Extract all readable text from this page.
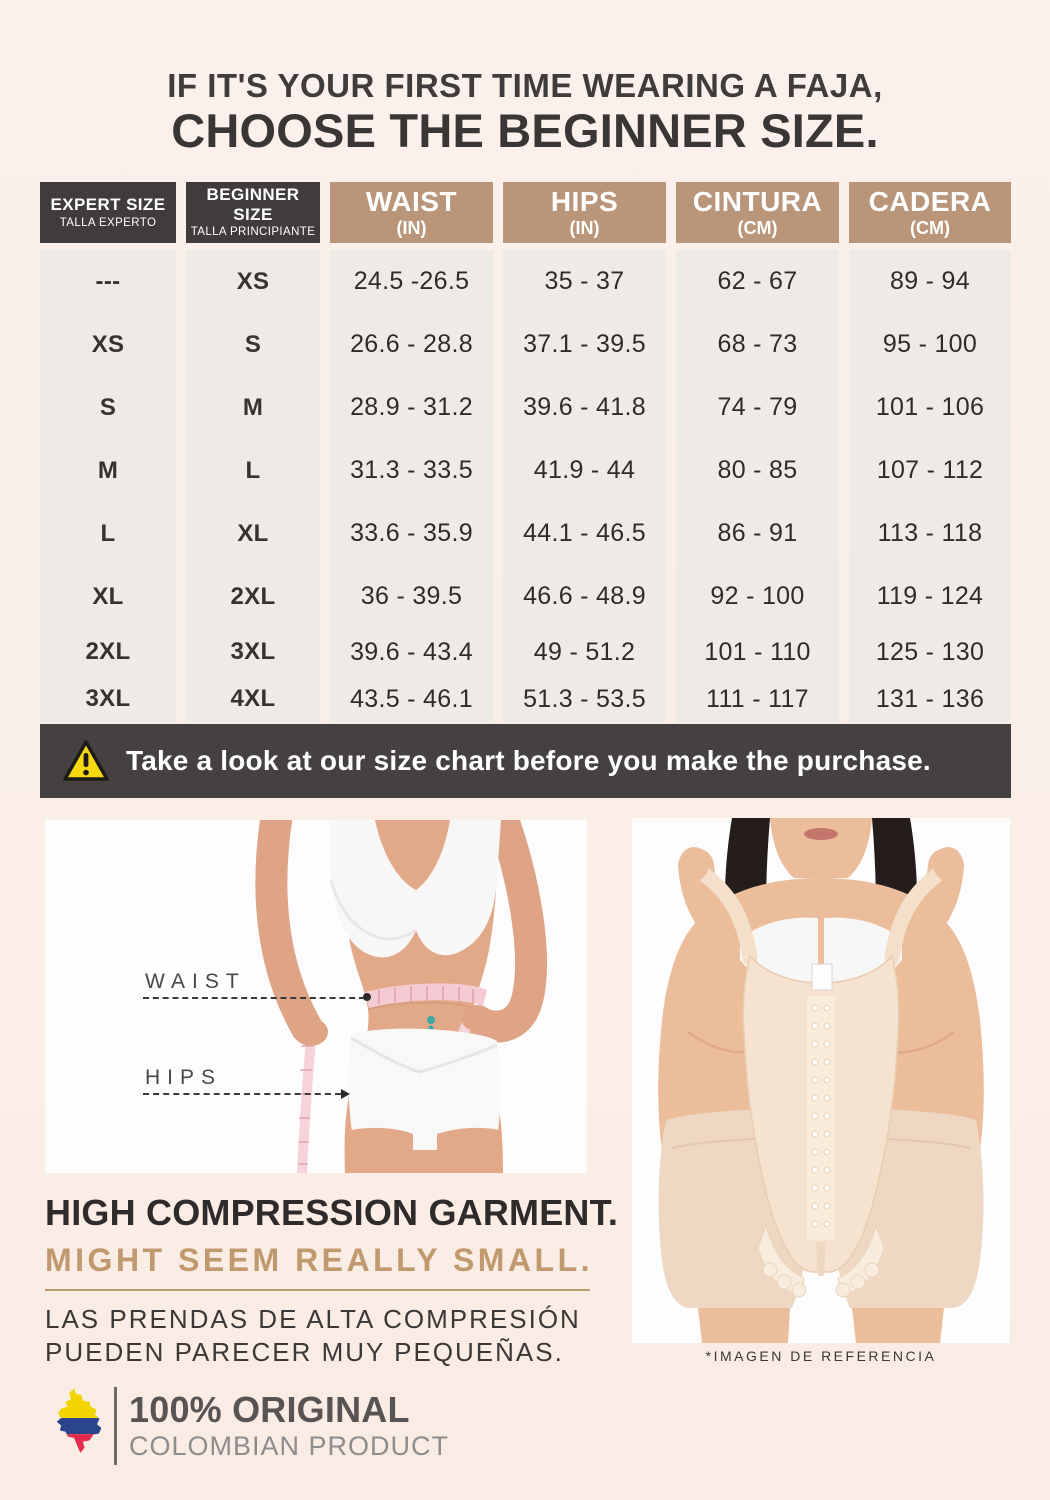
IF IT'S YOUR FIRST TIME WEARING A FAJA,
CHOOSE THE BEGINNER SIZE.
EXPERT SIZE
TALLA EXPERTO
BEGINNER SIZE
TALLA PRINCIPIANTE
WAIST
(IN)
HIPS
(IN)
CINTURA
(CM)
CADERA
(CM)
---	XS	24.5 -26.5	35 - 37	62 - 67	89 - 94
XS	S	26.6 - 28.8	37.1 - 39.5	68 - 73	95 - 100
S	M	28.9 - 31.2	39.6 - 41.8	74 - 79	101 - 106
M	L	31.3 - 33.5	41.9 - 44	80 - 85	107 - 112
L	XL	33.6 - 35.9	44.1 - 46.5	86 - 91	113 - 118
XL	2XL	36 - 39.5	46.6 - 48.9	92 - 100	119 - 124
2XL	3XL	39.6 - 43.4	49 - 51.2	101 - 110	125 - 130
3XL	4XL	43.5 - 46.1	51.3 - 53.5	111 - 117	131 - 136
Take a look at our size chart before you make the purchase.
WAIST
HIPS
*IMAGEN DE REFERENCIA
HIGH COMPRESSION GARMENT.
MIGHT SEEM REALLY SMALL.
LAS PRENDAS DE ALTA COMPRESIÓN
PUEDEN PARECER MUY PEQUEÑAS.
100% ORIGINAL
COLOMBIAN PRODUCT
